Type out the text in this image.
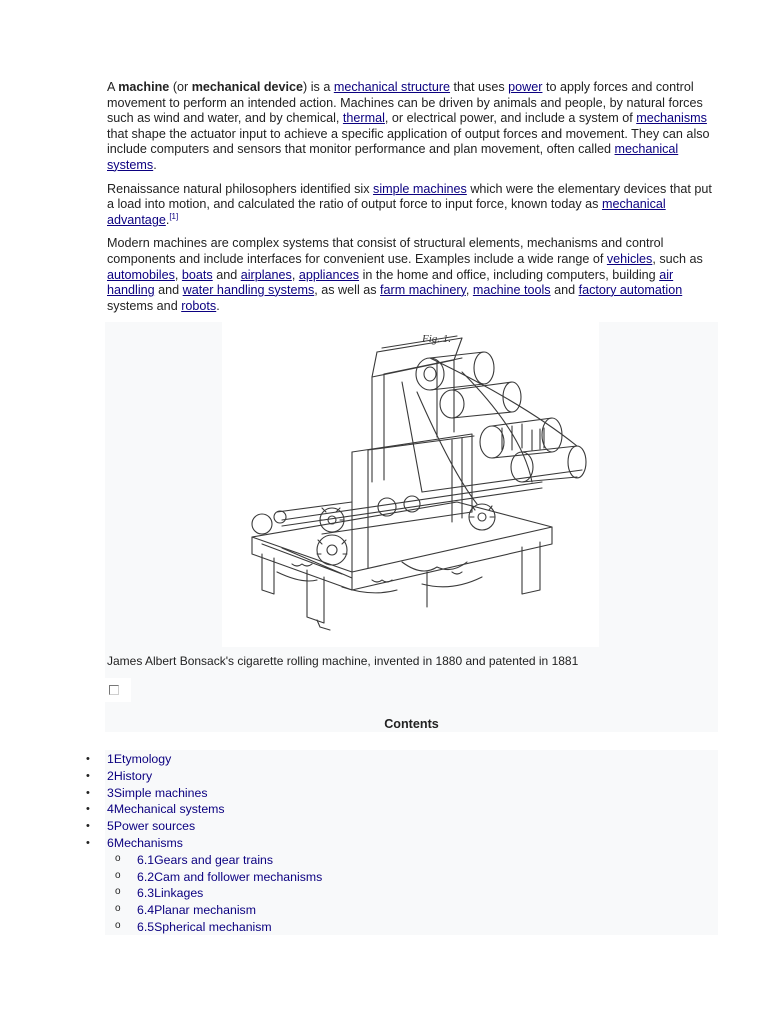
A machine (or mechanical device) is a mechanical structure that uses power to apply forces and control movement to perform an intended action. Machines can be driven by animals and people, by natural forces such as wind and water, and by chemical, thermal, or electrical power, and include a system of mechanisms that shape the actuator input to achieve a specific application of output forces and movement. They can also include computers and sensors that monitor performance and plan movement, often called mechanical systems.

Renaissance natural philosophers identified six simple machines which were the elementary devices that put a load into motion, and calculated the ratio of output force to input force, known today as mechanical advantage.[1]

Modern machines are complex systems that consist of structural elements, mechanisms and control components and include interfaces for convenient use. Examples include a wide range of vehicles, such as automobiles, boats and airplanes, appliances in the home and office, including computers, building air handling and water handling systems, as well as farm machinery, machine tools and factory automation systems and robots.

Fig. 1.
James Albert Bonsack's cigarette rolling machine, invented in 1880 and patented in 1881
Contents
• 1Etymology
• 2History
• 3Simple machines
• 4Mechanical systems
• 5Power sources
• 6Mechanisms
o 6.1Gears and gear trains
o 6.2Cam and follower mechanisms
o 6.3Linkages
o 6.4Planar mechanism
o 6.5Spherical mechanism
